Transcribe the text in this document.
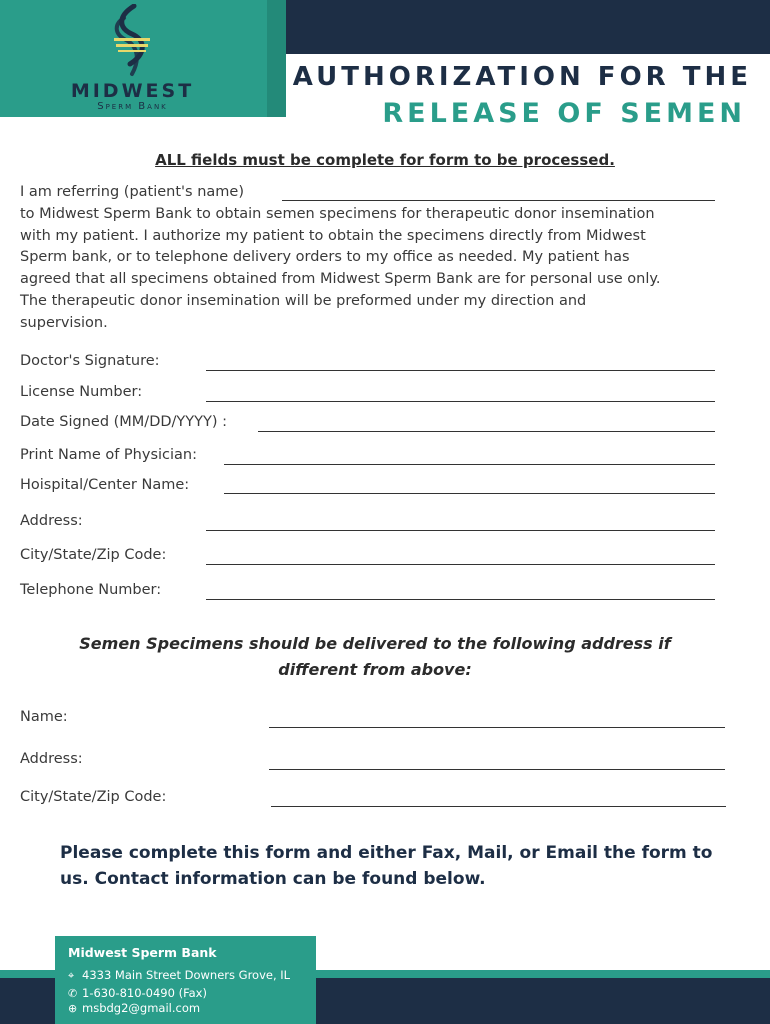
MIDWEST
Sperm Bank
AUTHORIZATION FOR THE
RELEASE OF SEMEN
ALL fields must be complete for form to be processed.
I am referring (patient's name)
to Midwest Sperm Bank to obtain semen specimens for therapeutic donor insemination
with my patient. I authorize my patient to obtain the specimens directly from Midwest
Sperm bank, or to telephone delivery orders to my office as needed. My patient has
agreed that all specimens obtained from Midwest Sperm Bank are for personal use only.
The therapeutic donor insemination will be preformed under my direction and
supervision.
Doctor's Signature:
License Number:
Date Signed (MM/DD/YYYY) :
Print Name of Physician:
Hoispital/Center Name:
Address:
City/State/Zip Code:
Telephone Number:
Semen Specimens should be delivered to the following address if
different from above:
Name:
Address:
City/State/Zip Code:
Please complete this form and either Fax, Mail, or Email the form to
us. Contact information can be found below.
Midwest Sperm Bank
⌖ 4333 Main Street Downers Grove, IL
✆ 1-630-810-0490 (Fax)
⊕ msbdg2@gmail.com
